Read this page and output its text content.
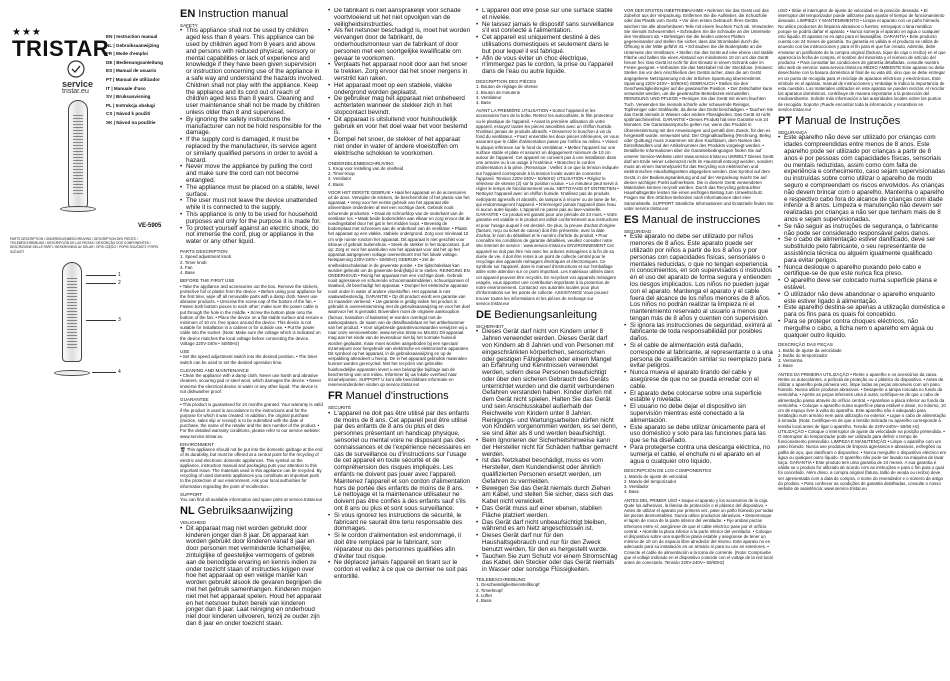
★★★
TRISTAR
service
tristar.eu
EN | Instruction manual
NL | Gebruiksaanwijzing
FR | Mode d'emploi
DE | Bedienungsanleitung
ES | Manual de usuario
PT | Manual de utilizador
IT | Manuale d'uso
SV | Bruksanvisning
PL | Instrukcja obsługi
CS | Návod k použití
SK | Návod na použitie
VE-5905
PARTS DESCRIPTION / ONDERDELENBESCHRIJVING / DESCRIPTION DES PIÈCES / TEILEBESCHREIBUNG / DESCRIPCIÓN DE LAS PIEZAS / DESCRIÇÃO DOS COMPONENTES / DESCRIZIONE DELLE PARTI / BESKRIVNING AV DELAR / OPIS CZĘŚCI / POPIS SOUČÁSTÍ / POPIS SÚČASTÍ
1
2
3
4
EN Instruction manual
SAFETY
• This appliance shall not be used by children aged less than 8 years. This appliance can be used by children aged from 8 years and above and persons with reduced physical, sensory or mental capabilities or lack of experience and knowledge if they have been given supervision or instruction concerning use of the appliance in a safe way and understand the hazards involved. Children shall not play with the appliance. Keep the appliance and its cord out of reach of children aged less than 8 years. Cleaning and user maintenance shall not be made by children unless older than 8 and supervised.
• By ignoring the safety instructions the manufacturer can not be hold responsible for the damage.
• If the supply cord is damaged, it must be replaced by the manufacturer, its service agent or similarly qualified persons in order to avoid a hazard.
• Never move the appliance by pulling the cord and make sure the cord can not become entangled.
• The appliance must be placed on a stable, level surface.
• The user must not leave the device unattended while it is connected to the supply.
• This appliance is only to be used for household purposes and only for the purpose it is made for.
• To protect yourself against an electric shock, do not immerse the cord, plug or appliance in the water or any other liquid.
PARTS DESCRIPTION

1. Speed adjustment knob

2. Timer knob

3. Fan

4. Base

BEFORE THE FIRST USE

• Take the appliance and accessories out the box. Remove the stickers, protective foil or plastic from the device. • Before using your appliance for the first time, wipe off all removable parts with a damp cloth. Never use abrasive products. • Unscrew the screw cap of the bottom of the fan. • Fasten both bottom pieces to each other; make sure the power cable is put through the hole in the middle. • Screw the bottom plate onto the bottom of the fan. • Place the device on a flat stable surface and ensure a minimum of 10 cm. free space around the device. This device is not suitable for installation in a cabinet or for outside use. • Put the power cable into the socket. (Note: Make sure the voltage which is indicated on the device matches the local voltage before connecting the device. Voltage 220V-240V~ 50/60Hz)

USE

• Set the speed adjustment switch into the desired position. • The timer switch can be used to set the desired operation time.

CLEANING AND MAINTENANCE

• Clean the appliance with a damp cloth. Never use harsh and abrasive cleaners, scouring pad or steel wool, which damages the device. • Never immerse the electrical device in water or any other liquid. The device is not dishwasher proof.

GUARANTEE

• This product is guaranteed for 24 months granted. Your warranty is valid if the product is used in accordance to the instructions and for the purpose for which it was created. In addition, the original purchase (invoice, sales slip or receipt) is to be submitted with the date of purchase, the name of the retailer and the item number of the product. • For the detailed warranty conditions, please refer to our service website: www.service.tristar.eu

ENVIRONMENT

🗑 This appliance should not be put into the domestic garbage at the end of its durability, but must be offered at a central point for the recycling of electric and electronic domestic appliances. This symbol on the appliance, instruction manual and packaging puts your attention to this important issue. The materials used in this appliance can be recycled. By recycling of used domestic appliances you contribute an important push to the protection of our environment. Ask your local authorities for information regarding the point of recollection.

SUPPORT

You can find all available information and spare parts at service.tristar.eu!

NL Gebruiksaanwijzing
VEILIGHEID
• Dit apparaat mag niet worden gebruikt door kinderen jonger dan 8 jaar. Dit apparaat kan worden gebruikt door kinderen vanaf 8 jaar en door personen met verminderde lichamelijke, zintuiglijke of geestelijke vermogens of gebrek aan de benodigde ervaring en kennis indien ze onder toezicht staan of instructies krijgen over hoe het apparaat op een veilige manier kan worden gebruikt alsook de gevaren begrijpen die met het gebruik samenhangen. Kinderen mogen niet met het apparaat spelen. Houd het apparaat en het netsnoer buiten bereik van kinderen jonger dan 8 jaar. Laat reiniging en onderhoud niet door kinderen uitvoeren, tenzij ze ouder zijn dan 8 jaar en onder toezicht staan.
• De fabrikant is niet aansprakelijk voor schade voortvloeiend uit het niet opvolgen van de veiligheidsinstructies.
• Als het netsnoer beschadigd is, moet het worden vervangen door de fabrikant, de onderhoudsmonteur van de fabrikant of door personen met een soortgelijke kwalificatie om gevaar te voorkomen.
• Verplaats het apparaat nooit door aan het snoer te trekken. Zorg ervoor dat het snoer nergens in verstrikt kan raken.
• Het apparaat moet op een stabiele, vlakke ondergrond worden geplaatst.
• De gebruiker mag het apparaat niet onbeheerd achterlaten wanneer de stekker zich in het stopcontact bevindt.
• Dit apparaat is uitsluitend voor huishoudelijk gebruik en voor het doel waar het voor bestemd is.
• Dompel het snoer, de stekker of het apparaat niet onder in water of andere vloeistoffen om elektrische schokken te voorkomen.
ONDERDELENBESCHRIJVING

1. Knop voor instelling van de snelheid

2. Timer-knop

3. Ventilator

4. Basis

VOOR HET EERSTE GEBRUIK • Haal het apparaat en de accessoires uit de doos. Verwijder de stickers, de beschermfolie of het plastic van het apparaat. • Veeg voor het eerste gebruik van het apparaat alle afneembare onderdelen af met een vochtige doek. Gebruik nooit schurende producten. • Draai de schroefdop van de onderkant van de ventilator los. • Maak beide bodemdelen aan elkaar en zorg ervoor dat de voedingskabel door het gat in het midden loopt. • Bevestig de bodemplaat met schroeven aan de onderkant van de ventilator. • Plaats het apparaat op een vlakke, stabiele ondergrond. Zorg voor minimaal 10 cm vrije ruimte rondom het apparaat. Dit apparaat is niet geschikt voor inbouw of gebruik buitenshuis. • Steek de stekker in het stopcontact. (Let op: Zorg er voor het aansluiten van het apparaat voor dat het op het apparaat aangegeven voltage overeenkomt met het lokale voltage. Netspanning 220V-240V~ 50/60Hz) GEBRUIK • Zet de snelheidsschakelaar in de gewenste positie. • De tijdschakelaar kan worden gebruikt om de gewenste bedrijfstijd in te stellen. REINIGING EN ONDERHOUD • Reinig het apparaat met een vochtige doek. Gebruik nooit agressieve en schurende schoonmaakmiddelen, schuursponsen of staalwol, dit beschadigt het apparaat. • Dompel het elektrische apparaat nooit onder in water of andere vloeistoffen. Het apparaat is niet vaatwasbestendig. GARANTIE • Op dit product wordt een garantie van 24 maanden verleend. • Uw garantie is geldig indien het product is gebruikt in overeenstemming met de gebruiksaanwijzing en voor het doel waarvoor het is gemaakt. Bovendien moet de originele aankoopbon (factuur, kassabon of kwitantie) te worden overlegd met de aankoopdatum, de naam van de detailhandelaar en het artikelnummer van het product. • Voor uitgebreide garantievoorwaarden verwijzen wij u naar onze servicewebsite: www.service.tristar.eu MILIEU Dit apparaat mag aan het einde van de levensduur niet bij het normale huisvuil worden geplaatst, maar moet worden aangeboden bij een speciaal inzamelpunt voor hergebruik van elektrische en elektronische apparaten. Dit symbool op het apparaat, in de gebruiksaanwijzing en op de verpakking attendeert u hierop. De in het apparaat gebruikte materialen kunnen worden gerecycled. Met het recyclen van gebruikte huishoudelijke apparaten levert u een belangrijke bijdrage aan de bescherming van ons milieu. Informeer bij uw lokale overheid naar inzamelpunten. SUPPORT U kunt alle beschikbare informatie en reserveonderdelen vinden op service.tristar.eu!

FR Manuel d'instructions
SÉCURITÉ
• L'appareil ne doit pas être utilisé par des enfants de moins de 8 ans. Cet appareil peut être utilisé par des enfants de 8 ans ou plus et des personnes présentant un handicap physique, sensoriel ou mental voire ne disposant pas des connaissances et de l'expérience nécessaires en cas de surveillance ou d'instructions sur l'usage de cet appareil en toute sécurité et de compréhension des risques impliqués. Les enfants ne doivent pas jouer avec l'appareil. Maintenez l'appareil et son cordon d'alimentation hors de portée des enfants de moins de 8 ans. Le nettoyage et la maintenance utilisateur ne doivent pas être confiés à des enfants sauf s'ils ont 8 ans ou plus et sont sous surveillance.
• Si vous ignorez les instructions de sécurité, le fabricant ne saurait être tenu responsable des dommages.
• Si le cordon d'alimentation est endommagé, il doit être remplacé par le fabricant, son réparateur ou des personnes qualifiées afin d'éviter tout risque.
• Ne déplacez jamais l'appareil en tirant sur le cordon et veillez à ce que ce dernier ne soit pas entortillé.
• L'appareil doit être posé sur une surface stable et nivelée.
• Ne laissez jamais le dispositif sans surveillance s'il est connecté à l'alimentation.
• Cet appareil est uniquement destiné à des utilisations domestiques et seulement dans le but pour lequel il est fabriqué.
• Afin de vous éviter un choc électrique, n'immergez pas le cordon, la prise ou l'appareil dans de l'eau ou autre liquide.
DESCRIPTION DES PIÈCES

1. Bouton de réglage de vitesse

2. Bouton de minuterie

3. Ventilateur

4. Base

AVANT LA PREMIÈRE UTILISATION • Sortez l'appareil et les accessoires hors de la boîte. Retirez les autocollants, le film protecteur ou le plastique de l'appareil. • Avant la première utilisation de votre appareil, essuyez toutes les pièces amovibles avec un chiffon humide. N'utilisez jamais de produits abrasifs. • Desserrez le bouchon à vis du fond du ventilateur. • Fixez ensemble les deux pièces inférieures, en vous assurant que le câble d'alimentation passe par l'orifice au milieu. • Vissez la plaque inférieure sur le fond du ventilateur. • Mettez l'appareil sur une surface stable et plate et assurez un dégagement minimum de 10 cm autour de l'appareil. Cet appareil ne convient pas à une installation dans une armoire ou à un usage à l'extérieur. • Branchez le cordon d'alimentation à la prise. (Remarque : Veillez à ce que la tension indiquée sur l'appareil corresponde à la tension locale avant de connecter l'appareil. Tension 220V-240V~ 50/60Hz) UTILISATION • Réglez le sélecteur de vitesse (2) sur la position voulue. • Le minuteur peut servir à régler le temps de fonctionnement voulu. NETTOYAGE ET ENTRETIEN • Nettoyez l'appareil avec un chiffon humide. N'utilisez pas de produits nettoyants agressifs et abrasifs, de tampons à récurer ou de laine de fer, qui endommageront l'appareil. • N'immergez jamais l'appareil dans l'eau ni aucun autre liquide. L'appareil ne passe pas au lave-vaisselle. GARANTIE • Ce produit est garanti pour une période de 24 mois. • Votre garantie est valable si le produit est utilisé conformément aux instructions et pour l'usage auquel il est destiné. De plus, la preuve d'achat d'origine (facture, reçu ou ticket de caisse) doit être présentée, avec la date d'achat, le nom du détaillant et le numéro d'article du produit. • Pour connaître les conditions de garantie détaillées, veuillez consulter notre site internet de service : www.service.tristar.eu ENVIRONNEMENT Cet appareil ne doit pas être mis avec les ordures ménagères à la fin de sa durée de vie, il doit être remis à un point de collecte central pour le recyclage des appareils ménagers électriques et électroniques. Ce symbole sur l'appareil, dans le manuel d'instructions et sur l'emballage attire votre attention sur ce point important. Les matériaux utilisés dans cet appareil peuvent être recyclés. En recyclant vos appareils ménagers usagés, vous apportez une contribution importante à la protection de notre environnement. Contactez vos autorités locales pour plus d'informations sur les points de collecte. ASSISTANCE Vous pouvez trouver toutes les informations et les pièces de rechange sur service.tristar.eu!

DE Bedienungsanleitung
SICHERHEIT
• Dieses Gerät darf nicht von Kindern unter 8 Jahren verwendet werden. Dieses Gerät darf von Kindern ab 8 Jahren und von Personen mit eingeschränkten körperlichen, sensorischen oder geistigen Fähigkeiten oder einem Mangel an Erfahrung und Kenntnissen verwendet werden, sofern diese Personen beaufsichtigt oder über den sicheren Gebrauch des Geräts unterrichtet wurden und die damit verbundenen Gefahren verstanden haben. Kinder dürfen mit dem Gerät nicht spielen. Halten Sie das Gerät und sein Anschlusskabel außerhalb der Reichweite von Kindern unter 8 Jahren. Reinigungs- und Wartungsarbeiten dürfen nicht von Kindern vorgenommen werden, es sei denn, sie sind älter als 8 und werden beaufsichtigt.
• Beim Ignorieren der Sicherheitshinweise kann der Hersteller nicht für Schäden haftbar gemacht werden.
• Ist das Netzkabel beschädigt, muss es vom Hersteller, dem Kundendienst oder ähnlich qualifizierten Personen ersetzt werden, um Gefahren zu vermeiden.
• Bewegen Sie das Gerät niemals durch Ziehen am Kabel, und stellen Sie sicher, dass sich das Kabel nicht verwickelt.
• Das Gerät muss auf einer ebenen, stabilen Fläche platziert werden.
• Das Gerät darf nicht unbeaufsichtigt bleiben, während es am Netz angeschlossen ist.
• Dieses Gerät darf nur für den Haushaltsgebrauch und nur für den Zweck benutzt werden, für den es hergestellt wurde.
• Tauchen Sie zum Schutz vor einem Stromschlag das Kabel, den Stecker oder das Gerät niemals in Wasser oder sonstige Flüssigkeiten.
TEILEBESCHREIBUNG

1. Geschwindigkeitseinstellknopf

2. Timerknopf

3. Lüfter

4. Basis

VOR DER ERSTEN INBETRIEBNAHME • Nehmen Sie das Gerät und das Zubehör aus der Verpackung. Entfernen Sie die Aufkleber, die Schutzfolie oder das Plastik vom Gerät. • Vor dem ersten Gebrauch Ihres Geräts wischen Sie alle abnehmbaren Teile mit einem feuchten Tuch ab. Verwenden Sie niemals Scheuermittel. • Schrauben Sie die Schraube an der Unterseite des Ventilators ab. • Befestigen Sie die beiden unteren Platten gegeneinander und stellen Sie sicher, dass das Stromkabel durch die Öffnung in der Mitte geführt ist. • Schrauben Sie die Bodenplatte an die Unterseite des Ventilators. • Stellen Sie das Gerät auf eine ebene und stabile Fläche und halten Sie einen Abstand von mindestens 10 cm um das Gerät herum frei. Das Gerät ist nicht für den Einsatz in einem Schrank oder im Freien geeignet. • Verbinden Sie das Netzkabel mit der Steckdose. (Hinweis: Stellen Sie vor dem Anschließen des Geräts sicher, dass die am Gerät angegebene Netzspannung mit der örtlichen Spannung übereinstimmt. Spannung 220V-240V~ 50/60Hz) GEBRAUCH • Stellen Sie den Geschwindigkeitsregler auf die gewünschte Position. • Der Zeitschalter kann verwendet werden, um die gewünschte Betriebszeit einzustellen. REINIGUNG UND PFLEGE • Reinigen Sie das Gerät mit einem feuchten Tuch. Verwenden Sie niemals scharfe oder scheuernde Reiniger, Topfreiniger oder Stahlwolle, da diese das Gerät beschädigen. • Tauchen Sie das Gerät niemals in Wasser oder andere Flüssigkeiten. Das Gerät ist nicht spülmaschinenfest. GARANTIE • Dieses Produkt hat eine Garantie von 24 Monaten. Die Garantieansprüche gelten nur, wenn das Produkt in Übereinstimmung mit den Anweisungen und gemäß dem Zweck, für den es hergestellt wurde, verwendet wird. Der Originalkaufbeleg (Rechnung, Beleg oder Quittung) muss zusammen mit dem Kaufdatum, dem Namen des Einzelhändlers und der Artikelnummer des Produkts vorgelegt werden. • Detaillierte Informationen über die Garantiebedingungen finden Sie auf unserer Service-Website unter www.service.tristar.eu UMWELT Dieses Gerät darf am Ende seiner Lebenszeit nicht im Hausmüll entsorgt werden, sondern muss an einem Sammelpunkt für das Recycling von elektrischen und elektronischen Haushaltsgeräten abgegeben werden. Das Symbol auf dem Gerät, in der Bedienungsanleitung und auf der Verpackung macht Sie auf diesen wichtigen Punkt aufmerksam. Die in diesem Gerät verwendeten Materialien können recycelt werden. Durch das Recycling gebrauchter Haushaltsgeräte leisten Sie einen wichtigen Beitrag zum Umweltschutz. Fragen Sie Ihre örtlichen Behörden nach Informationen über eine Sammelstelle. SUPPORT Sämtliche Informationen und Ersatzteile finden Sie unter service.tristar.eu!

ES Manual de instrucciones
SEGURIDAD
• Este aparato no debe ser utilizado por niños menores de 8 años. Este aparato puede ser utilizado por niños a partir de los 8 años y por personas con capacidades físicas, sensoriales o mentales reducidas, o que no tengan experiencia ni conocimientos, en son supervisados o instruidos en el uso del aparato de forma segura y entienden los riesgos implicados. Los niños no pueden jugar con el aparato. Mantenga el aparato y el cable fuera del alcance de los niños menores de 8 años. Los niños no podrán realizar la limpieza ni el mantenimiento reservado al usuario a menos que tengan más de 8 años y cuenten con supervisión.
• Si ignora las instrucciones de seguridad, eximirá al fabricante de toda responsabilidad por posibles daños.
• Si el cable de alimentación está dañado, corresponde al fabricante, al representante o a una persona de cualificación similar su reemplazo para evitar peligros.
• Nunca mueva el aparato tirando del cable y asegúrese de que no se pueda enredar con el cable.
• El aparato debe colocarse sobre una superficie estable y nivelada.
• El usuario no debe dejar el dispositivo sin supervisión mientras esté conectado a la alimentación.
• Este aparato se debe utilizar únicamente para el uso doméstico y solo para las funciones para las que se ha diseñado.
• Para protegerse contra una descarga eléctrica, no sumerja el cable, el enchufe ni el aparato en el agua o cualquier otro líquido.
DESCRIPCIÓN DE LOS COMPONENTES

1. Mando de ajuste de velocidad

2. Mando del temporizador

3. Ventilador

4. Base

ANTES DEL PRIMER USO • Saque el aparato y los accesorios de la caja. Quite los adhesivos, la lámina de protección o el plástico del dispositivo. • Antes de utilizar el aparato por primera vez, pase un paño húmedo por todas las piezas desmontables. Nunca utilice productos abrasivos. • Desenrosque el tapón de rosca de la parte inferior del ventilador. • Fije ambas piezas inferiores entre sí; asegúrese de que el cable eléctrico pase por el orificio central. • Atornille la placa inferior a la parte inferior del ventilador. • Coloque el dispositivo sobre una superficie plana estable y asegúrese de tener un mínimo de 10 cm de espacio libre alrededor del mismo. Este aparato no es adecuado para su instalación en un armario ni para su uso en exteriores. • Conecte el cable de alimentación a la toma de corriente. (Nota: Compruebe que el voltaje indicado en el dispositivo coincide con el voltaje de la red local antes de conectarlo. Tensión 220V-240V~ 50/60Hz)

USO • Sitúe el interruptor de ajuste de velocidad en la posición deseada. • El interruptor del temporizador puede utilizarse para ajustar el tiempo de funcionamiento deseado. LIMPIEZA Y MANTENIMIENTO • Limpie el aparato con un paño húmedo. No utilice productos de limpieza abrasivos o fuertes, estropajos o lana metálica porque se podría dañar el aparato. • Nunca sumerja el aparato en agua o cualquier otro líquido. El aparato no es apto para el lavavajillas. GARANTÍA • Este producto cuenta con 24 meses de garantía. Su garantía es válida si el producto se utiliza de acuerdo con las instrucciones y para el fin para el que fue creado. Además, debe enviarse un justificante de la compra original (factura, tique de caja o recibo) en el que aparezca la fecha de compra, el nombre del minorista y el número de artículo del producto. • Para consultar las condiciones de garantía detalladas, consulte nuestro sitio web de servicio: www.service.tristar.eu MEDIO AMBIENTE Este aparato no debe desecharse con la basura doméstica al final de su vida útil, sino que se debe entregar en un punto de recogida para el reciclaje de aparatos eléctricos y electrónicos. Este símbolo en el aparato, manual de instrucciones y embalaje le indica la importancia de esta cuestión. Los materiales utilizados en este aparato se pueden reciclar. Al reciclar los aparatos domésticos, contribuye de manera importante a la protección del medioambiente. Solicite más información a las autoridades locales sobre los puntos de recogida. Soporte ¡Puede encontrar toda la información y recambios en service.tristar.eu!

PT Manual de Instruções
SEGURANÇA
• Este aparelho não deve ser utilizado por crianças com idades compreendidas entre menos de 8 anos. Este aparelho pode ser utilizado por crianças a partir de 8 anos e por pessoas com capacidades físicas, sensoriais ou mentais reduzidas, assim como com falta de experiência e conhecimento, caso sejam supervisionadas ou instruídas sobre como utilizar o aparelho de modo seguro e compreendam os riscos envolvidos. As crianças não devem brincar com o aparelho. Mantenha o aparelho e respectivo cabo fora do alcance de crianças com idade inferior a 8 anos. Limpeza e manutenção não devem ser realizadas por crianças a não ser que tenham mais de 8 anos e sejam supervisionadas.
• Se não seguir as instruções de segurança, o fabricante não pode ser considerado responsável pelos danos.
• Se o cabo de alimentação estiver danificado, deve ser substituído pelo fabricante, o seu representante de assistência técnica ou alguém igualmente qualificado para evitar perigos.
• Nunca desloque o aparelho puxando pelo cabo e certifique-se de que este nunca fica preso.
• O aparelho deve ser colocado numa superfície plana e estável.
• O utilizador não deve abandonar o aparelho enquanto este estiver ligado à alimentação.
• Este aparelho destina-se apenas a utilização doméstica e para os fins para os quais foi concebido.
• Para se proteger contra choques eléctricos, não mergulhe o cabo, a ficha nem o aparelho em água ou qualquer outro líquido.
DESCRIÇÃO DAS PEÇAS

1. Botão de ajuste da velocidade

2. Botão do temporizador

3. Ventoinha

4. Base

ANTES DA PRIMEIRA UTILIZAÇÃO • Retire o aparelho e os acessórios da caixa. Retire os autocolantes, a película de proteção ou o plástico do dispositivo. • Antes de utilizar o aparelho pela primeira vez, limpe todas as peças amovíveis com um pano húmido. Nunca utilize produtos abrasivos. • Desaperte a tampa roscada no fundo da ventoinha. • Aperte as peças inferiores uma à outra; certifique-se de que o cabo de alimentação passa através do orifício central. • Aparafuse a placa inferior ao fundo da ventoinha. • Coloque o aparelho numa superfície plana estável e deixe, no mínimo, 10 cm de espaço livre à volta do aparelho. Este aparelho não é adequado para instalação num armário nem para utilização no exterior. • Ligue o cabo de alimentação à tomada. (Nota: Certifique-se de que a tensão indicada no aparelho corresponde à tensão local antes de ligar o aparelho. Tensão de 220V-240V~ 50/60 Hz) UTILIZAÇÃO • Coloque o interruptor de ajuste da velocidade na posição pretendida. • O interruptor do temporizador pode ser utilizado para definir o tempo de funcionamento pretendido. LIMPEZA E MANUTENÇÃO • Limpe o aparelho com um pano húmido. Nunca use produtos de limpeza agressivos e abrasivos, esfregões ou palha de aço, que danificam o dispositivo. • Nunca mergulhe o dispositivo eléctrico em água ou qualquer outro líquido. O aparelho não pode ser lavado na máquina de lavar loiça. GARANTIA • Este produto tem uma garantia de 24 meses. A sua garantia é válida se o produto for utilizado de acordo com as instruções e para o fim para o qual foi concebido. Além disso, a compra original (fatura, talão de venda ou recibo) deve ser apresentada com a data de compra, o nome do revendedor e o número de artigo do produto. • Para conhecer as condições de garantia detalhadas, consulte o nosso website de assistência: www.service.tristar.eu
